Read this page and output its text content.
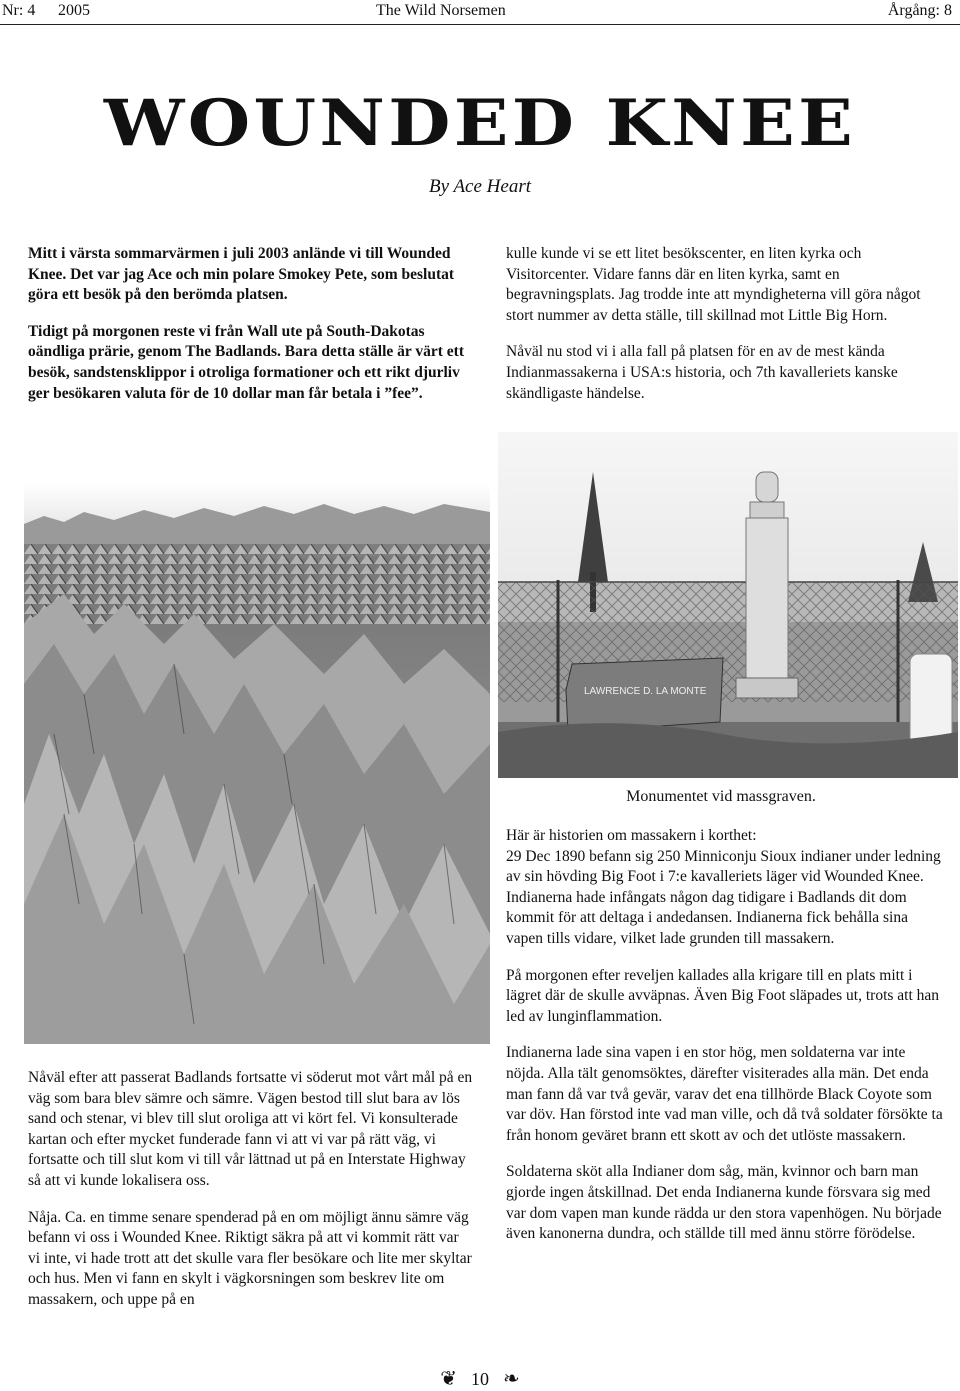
Nr: 4 2005	The Wild Norsemen	Årgång: 8
WOUNDED KNEE
By Ace Heart

Mitt i värsta sommarvärmen i juli 2003 anlände vi till Wounded Knee. Det var jag Ace och min polare Smokey Pete, som beslutat göra ett besök på den berömda platsen.

Tidigt på morgonen reste vi från Wall ute på South-Dakotas oändliga prärie, genom The Badlands. Bara detta ställe är värt ett besök, sandstensklippor i otroliga formationer och ett rikt djurliv ger besökaren valuta för de 10 dollar man får betala i ”fee”.

kulle kunde vi se ett litet besökscenter, en liten kyrka och Visitorcenter. Vidare fanns där en liten kyrka, samt en begravningsplats. Jag trodde inte att myndigheterna vill göra något stort nummer av detta ställe, till skillnad mot Little Big Horn.

Nåväl nu stod vi i alla fall på platsen för en av de mest kända Indianmassakerna i USA:s historia, och 7th kavalleriets kanske skändligaste händelse.

LAWRENCE D. LA MONTE
Monumentet vid massgraven.

Här är historien om massakern i korthet:

29 Dec 1890 befann sig 250 Minniconju Sioux indianer under ledning av sin hövding Big Foot i 7:e kavalleriets läger vid Wounded Knee. Indianerna hade infångats någon dag tidigare i Badlands dit dom kommit för att deltaga i andedansen. Indianerna fick behålla sina vapen tills vidare, vilket lade grunden till massakern.

På morgonen efter reveljen kallades alla krigare till en plats mitt i lägret där de skulle avväpnas. Även Big Foot släpades ut, trots att han led av lunginflammation.

Indianerna lade sina vapen i en stor hög, men soldaterna var inte nöjda. Alla tält genomsöktes, därefter visiterades alla män. Det enda man fann då var två gevär, varav det ena tillhörde Black Coyote som var döv. Han förstod inte vad man ville, och då två soldater försökte ta från honom geväret brann ett skott av och det utlöste massakern.

Soldaterna sköt alla Indianer dom såg, män, kvinnor och barn man gjorde ingen åtskillnad. Det enda Indianerna kunde försvara sig med var dom vapen man kunde rädda ur den stora vapenhögen. Nu började även kanonerna dundra, och ställde till med ännu större förödelse.

Nåväl efter att passerat Badlands fortsatte vi söderut mot vårt mål på en väg som bara blev sämre och sämre. Vägen bestod till slut bara av lös sand och stenar, vi blev till slut oroliga att vi kört fel. Vi konsulterade kartan och efter mycket funderade fann vi att vi var på rätt väg, vi fortsatte och till slut kom vi till vår lättnad ut på en Interstate Highway så att vi kunde lokalisera oss.

Nåja. Ca. en timme senare spenderad på en om möjligt ännu sämre väg befann vi oss i Wounded Knee. Riktigt säkra på att vi kommit rätt var vi inte, vi hade trott att det skulle vara fler besökare och lite mer skyltar och hus. Men vi fann en skylt i vägkorsningen som beskrev lite om massakern, och uppe på en

❦ 10 ❧
